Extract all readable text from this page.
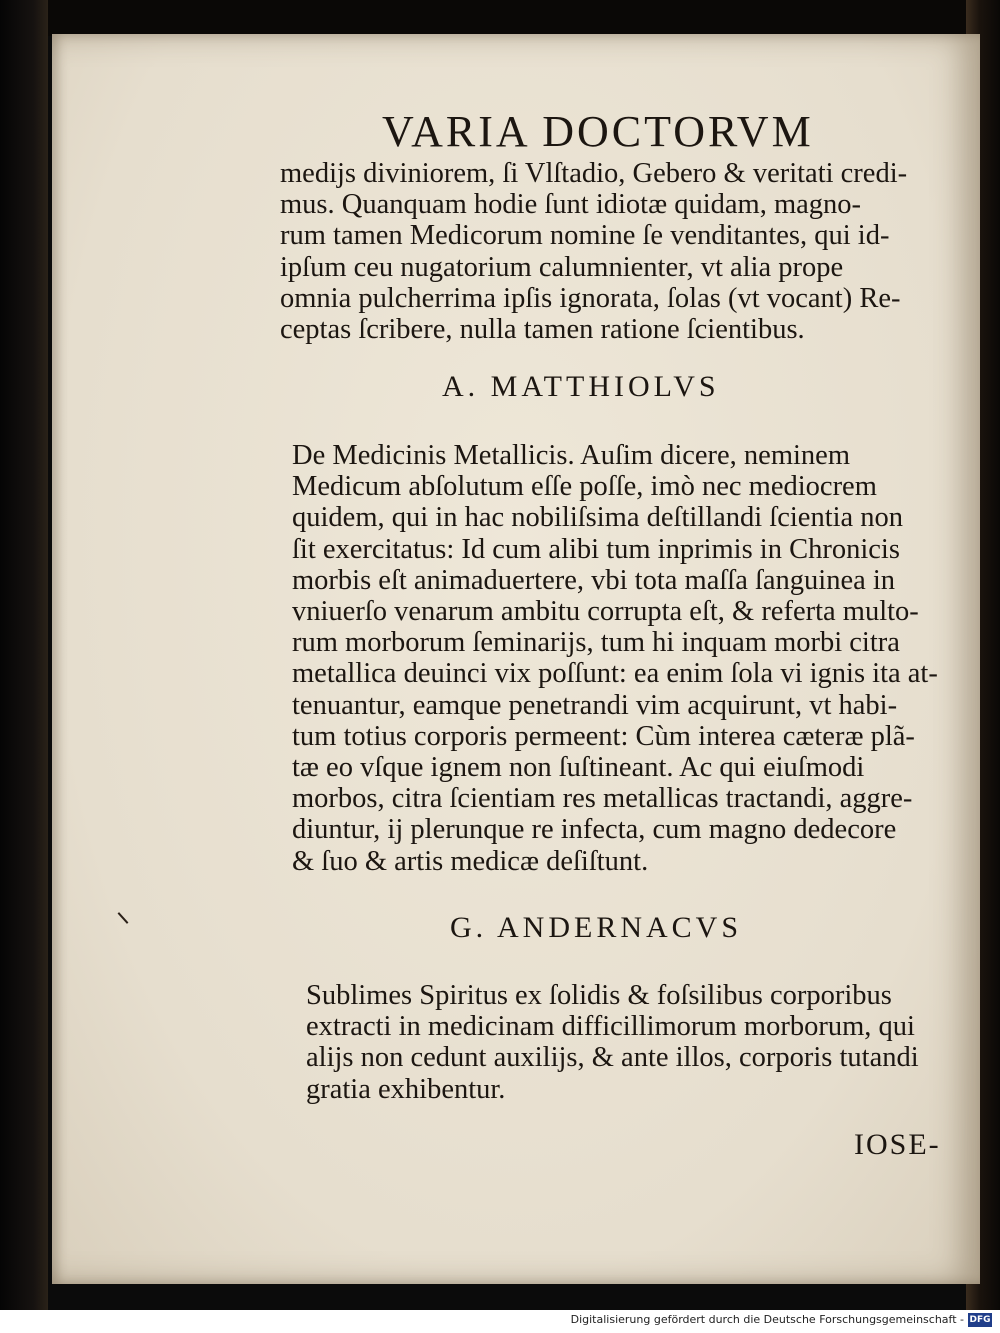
VARIA DOCTORVM
medijs diviniorem, ſi Vlſtadio, Gebero & veritati credi-
mus. Quanquam hodie ſunt idiotæ quidam, magno-
rum tamen Medicorum nomine ſe venditantes, qui id-
ipſum ceu nugatorium calumnienter, vt alia prope
omnia pulcherrima ipſis ignorata, ſolas (vt vocant) Re-
ceptas ſcribere, nulla tamen ratione ſcientibus.
A. MATTHIOLVS
De Medicinis Metallicis. Auſim dicere, neminem
Medicum abſolutum eſſe poſſe, imò nec mediocrem
quidem, qui in hac nobiliſsima deſtillandi ſcientia non
ſit exercitatus: Id cum alibi tum inprimis in Chronicis
morbis eſt animaduertere, vbi tota maſſa ſanguinea in
vniuerſo venarum ambitu corrupta eſt, & referta multo-
rum morborum ſeminarijs, tum hi inquam morbi citra
metallica deuinci vix poſſunt: ea enim ſola vi ignis ita at-
tenuantur, eamque penetrandi vim acquirunt, vt habi-
tum totius corporis permeent: Cùm interea cæteræ plã-
tæ eo vſque ignem non ſuſtineant. Ac qui eiuſmodi
morbos, citra ſcientiam res metallicas tractandi, aggre-
diuntur, ij plerunque re infecta, cum magno dedecore
& ſuo & artis medicæ deſiſtunt.
G. ANDERNACVS
Sublimes Spiritus ex ſolidis & foſsilibus corporibus
extracti in medicinam difficillimorum morborum, qui
alijs non cedunt auxilijs, & ante illos, corporis tutandi
gratia exhibentur.
IOSE-
Digitalisierung gefördert durch die Deutsche Forschungsgemeinschaft - DFG
